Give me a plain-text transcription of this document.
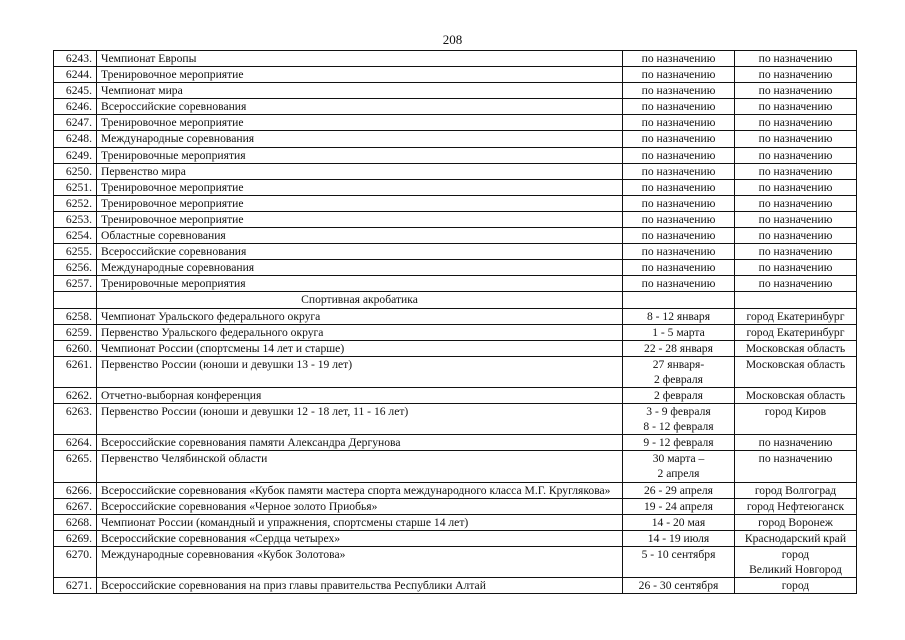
208
6243.	Чемпионат Европы	по назначению	по назначению

6244.	Тренировочное мероприятие	по назначению	по назначению

6245.	Чемпионат мира	по назначению	по назначению

6246.	Всероссийские соревнования	по назначению	по назначению

6247.	Тренировочное мероприятие	по назначению	по назначению

6248.	Международные соревнования	по назначению	по назначению

6249.	Тренировочные мероприятия	по назначению	по назначению

6250.	Первенство мира	по назначению	по назначению

6251.	Тренировочное мероприятие	по назначению	по назначению

6252.	Тренировочное мероприятие	по назначению	по назначению

6253.	Тренировочное мероприятие	по назначению	по назначению

6254.	Областные соревнования	по назначению	по назначению

6255.	Всероссийские соревнования	по назначению	по назначению

6256.	Международные соревнования	по назначению	по назначению

6257.	Тренировочные мероприятия	по назначению	по назначению

	Спортивная акробатика		
6258.	Чемпионат Уральского федерального округа	8 - 12 января	город Екатеринбург

6259.	Первенство Уральского федерального округа	1 - 5 марта	город Екатеринбург

6260.	Чемпионат России (спортсмены 14 лет и старше)	22 - 28 января	Московская область

6261.	Первенство России (юноши и девушки 13 - 19 лет)	27 января-
2 февраля	Московская область

6262.	Отчетно-выборная конференция	2 февраля	Московская область

6263.	Первенство России (юноши и девушки 12 - 18 лет, 11 - 16 лет)	3 - 9 февраля
8 - 12 февраля	город Киров

6264.	Всероссийские соревнования памяти Александра Дергунова	9 - 12 февраля	по назначению

6265.	Первенство Челябинской области	30 марта –
2 апреля	по назначению

6266.	Всероссийские соревнования «Кубок памяти мастера спорта международного класса М.Г. Круглякова»	26 - 29 апреля	город Волгоград

6267.	Всероссийские соревнования «Черное золото Приобья»	19 - 24 апреля	город Нефтеюганск

6268.	Чемпионат России (командный и упражнения, спортсмены старше 14 лет)	14 - 20 мая	город Воронеж

6269.	Всероссийские соревнования «Сердца четырех»	14 - 19 июля	Краснодарский край

6270.	Международные соревнования «Кубок Золотова»	5 - 10 сентября	город
Великий Новгород

6271.	Всероссийские соревнования на приз главы правительства Республики Алтай	26 - 30 сентября	город
